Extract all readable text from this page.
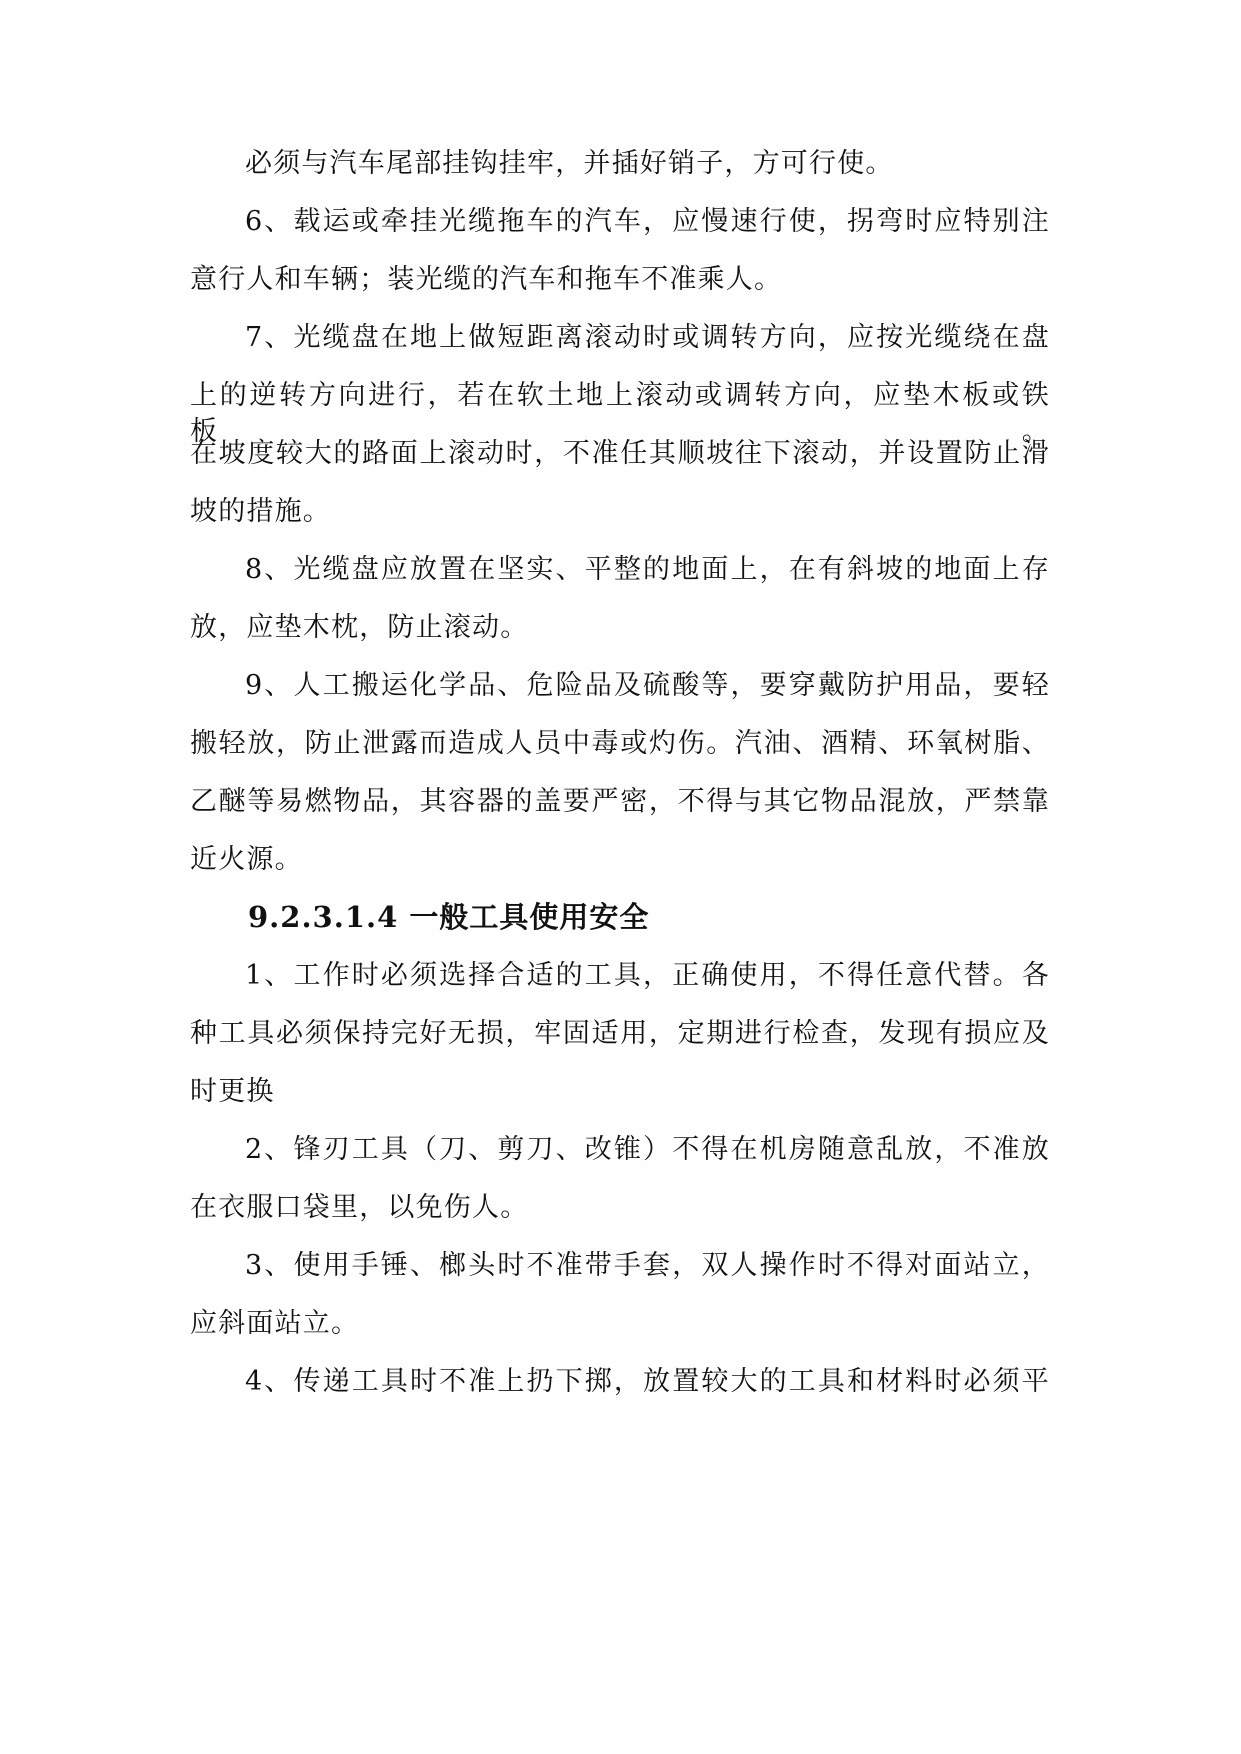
必须与汽车尾部挂钩挂牢，并插好销子，方可行使。
6、载运或牵挂光缆拖车的汽车，应慢速行使，拐弯时应特别注
意行人和车辆；装光缆的汽车和拖车不准乘人。
7、光缆盘在地上做短距离滚动时或调转方向，应按光缆绕在盘
上的逆转方向进行，若在软土地上滚动或调转方向，应垫木板或铁板。
在坡度较大的路面上滚动时，不准任其顺坡往下滚动，并设置防止滑
坡的措施。
8、光缆盘应放置在坚实、平整的地面上，在有斜坡的地面上存
放，应垫木枕，防止滚动。
9、人工搬运化学品、危险品及硫酸等，要穿戴防护用品，要轻
搬轻放，防止泄露而造成人员中毒或灼伤。汽油、酒精、环氧树脂、
乙醚等易燃物品，其容器的盖要严密，不得与其它物品混放，严禁靠
近火源。
9.2.3.1.4 一般工具使用安全
1、工作时必须选择合适的工具，正确使用，不得任意代替。各
种工具必须保持完好无损，牢固适用，定期进行检查，发现有损应及
时更换
2、锋刃工具（刀、剪刀、改锥）不得在机房随意乱放，不准放
在衣服口袋里，以免伤人。
3、使用手锤、榔头时不准带手套，双人操作时不得对面站立，
应斜面站立。
4、传递工具时不准上扔下掷，放置较大的工具和材料时必须平
